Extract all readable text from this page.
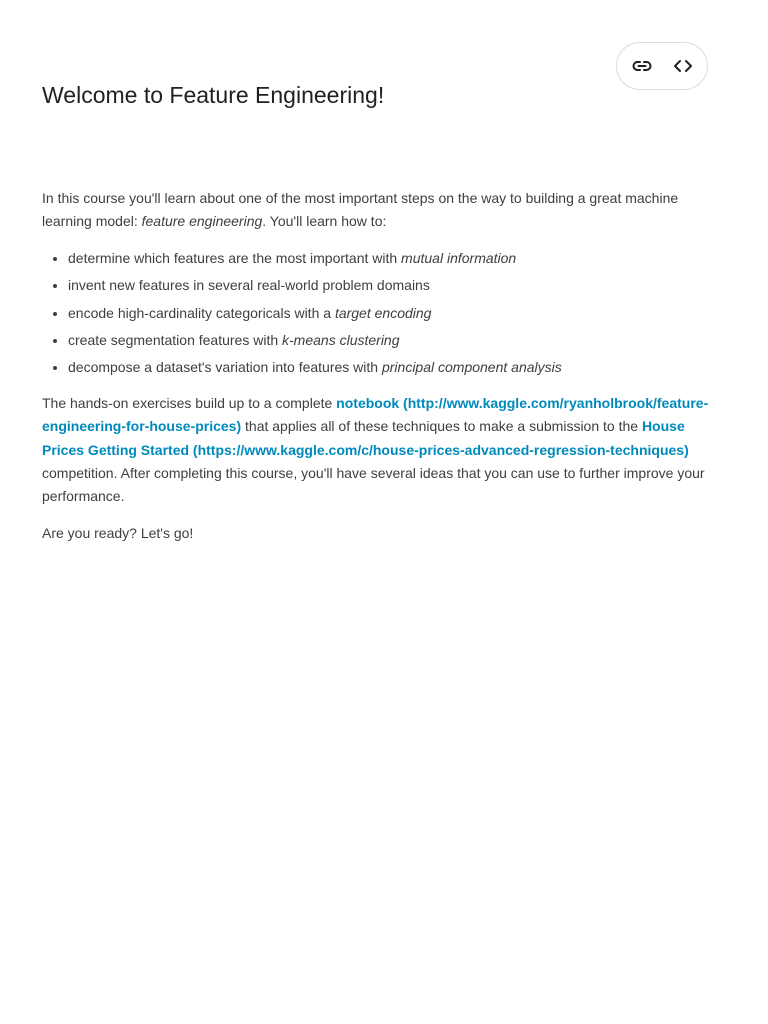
Welcome to Feature Engineering!

In this course you'll learn about one of the most important steps on the way to building a great machine learning model: feature engineering. You'll learn how to:

• determine which features are the most important with mutual information
• invent new features in several real-world problem domains
• encode high-cardinality categoricals with a target encoding
• create segmentation features with k-means clustering
• decompose a dataset's variation into features with principal component analysis

The hands-on exercises build up to a complete notebook (http://www.kaggle.com/ryanholbrook/feature-engineering-for-house-prices) that applies all of these techniques to make a submission to the House Prices Getting Started (https://www.kaggle.com/c/house-prices-advanced-regression-techniques) competition. After completing this course, you'll have several ideas that you can use to further improve your performance.

Are you ready? Let's go!
